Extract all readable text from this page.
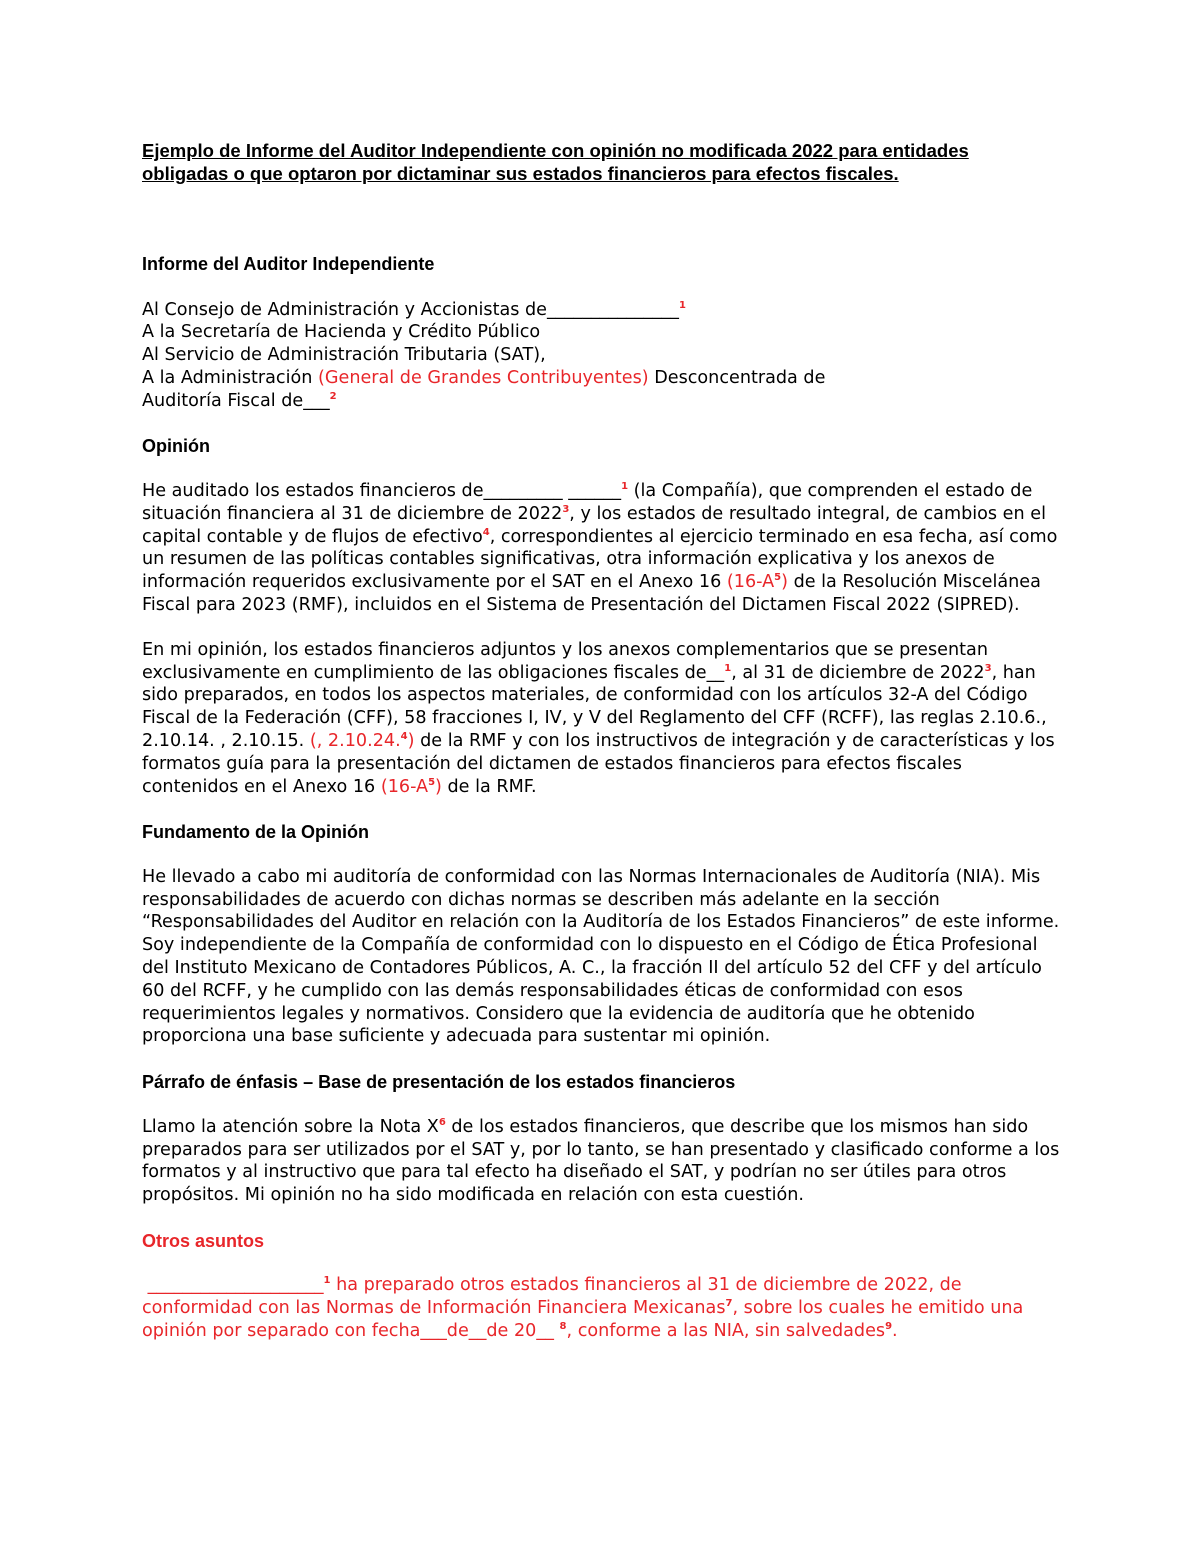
Ejemplo de Informe del Auditor Independiente con opinión no modificada 2022 para entidades
obligadas o que optaron por dictaminar sus estados financieros para efectos fiscales.

Informe del Auditor Independiente

Al Consejo de Administración y Accionistas de_______________$^1$
A la Secretaría de Hacienda y Crédito Público
Al Servicio de Administración Tributaria (SAT),
A la Administración (General de Grandes Contribuyentes) Desconcentrada de
Auditoría Fiscal de___$^2$

Opinión

He auditado los estados financieros de_________ ______$^1$ (la Compañía), que comprenden el estado de situación financiera al 31 de diciembre de 2022$^3$, y los estados de resultado integral, de cambios en el capital contable y de flujos de efectivo$^4$, correspondientes al ejercicio terminado en esa fecha, así como un resumen de las políticas contables significativas, otra información explicativa y los anexos de información requeridos exclusivamente por el SAT en el Anexo 16 $(16-A^5)$ de la Resolución Miscelánea Fiscal para 2023 (RMF), incluidos en el Sistema de Presentación del Dictamen Fiscal 2022 (SIPRED).

En mi opinión, los estados financieros adjuntos y los anexos complementarios que se presentan exclusivamente en cumplimiento de las obligaciones fiscales de__$^1$, al 31 de diciembre de 2022$^3$, han sido preparados, en todos los aspectos materiales, de conformidad con los artículos 32-A del Código Fiscal de la Federación (CFF), 58 fracciones I, IV, y V del Reglamento del CFF (RCFF), las reglas 2.10.6., 2.10.14. , 2.10.15. (, 2.10.24.$^4$) de la RMF y con los instructivos de integración y de características y los formatos guía para la presentación del dictamen de estados financieros para efectos fiscales contenidos en el Anexo 16 $(16-A^5)$ de la RMF.

Fundamento de la Opinión

He llevado a cabo mi auditoría de conformidad con las Normas Internacionales de Auditoría (NIA). Mis responsabilidades de acuerdo con dichas normas se describen más adelante en la sección “Responsabilidades del Auditor en relación con la Auditoría de los Estados Financieros” de este informe. Soy independiente de la Compañía de conformidad con lo dispuesto en el Código de Ética Profesional del Instituto Mexicano de Contadores Públicos, A. C., la fracción II del artículo 52 del CFF y del artículo 60 del RCFF, y he cumplido con las demás responsabilidades éticas de conformidad con esos requerimientos legales y normativos. Considero que la evidencia de auditoría que he obtenido proporciona una base suficiente y adecuada para sustentar mi opinión.

Párrafo de énfasis – Base de presentación de los estados financieros

Llamo la atención sobre la Nota $X^6$ de los estados financieros, que describe que los mismos han sido preparados para ser utilizados por el SAT y, por lo tanto, se han presentado y clasificado conforme a los formatos y al instructivo que para tal efecto ha diseñado el SAT, y podrían no ser útiles para otros propósitos. Mi opinión no ha sido modificada en relación con esta cuestión.

Otros asuntos

____________________$^1$ ha preparado otros estados financieros al 31 de diciembre de 2022, de conformidad con las Normas de Información Financiera Mexicanas$^7$, sobre los cuales he emitido una opinión por separado con fecha___de__de 20__ $^8$, conforme a las NIA, sin salvedades$^9$.
